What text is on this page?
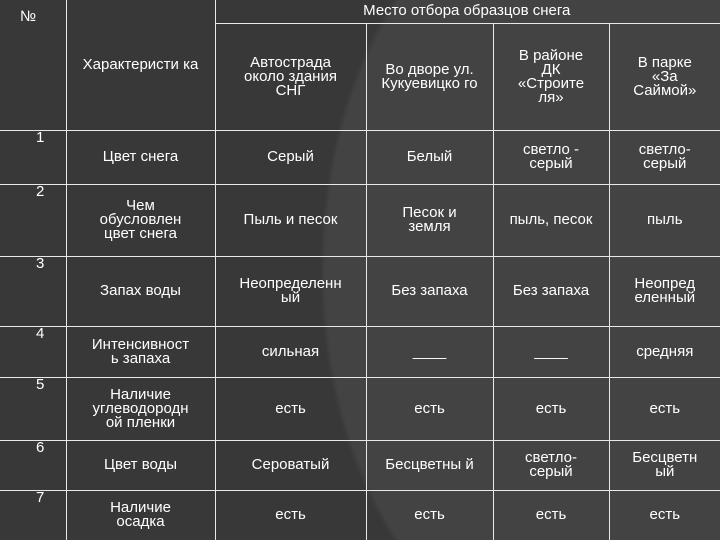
№	Характеристи ка	Место отбора образцов снега			
		Автострада около здания СНГ	Во дворе ул. Кукуевицко го	В районе ДК «Строите ля»	В парке «За Саймой»
1	Цвет снега	Серый	Белый	светло - серый	светло- серый
2	Чем обусловлен цвет снега	Пыль и песок	Песок и земля	пыль, песок	пыль
3	Запах воды	Неопределенн ый	Без запаха	Без запаха	Неопред еленный
4	Интенсивност ь запаха	сильная	____	____	средняя
5	Наличие углеводородн ой пленки	есть	есть	есть	есть
6	Цвет воды	Сероватый	Бесцветны й	светло- серый	Бесцветн ый
7	Наличие осадка	есть	есть	есть	есть
